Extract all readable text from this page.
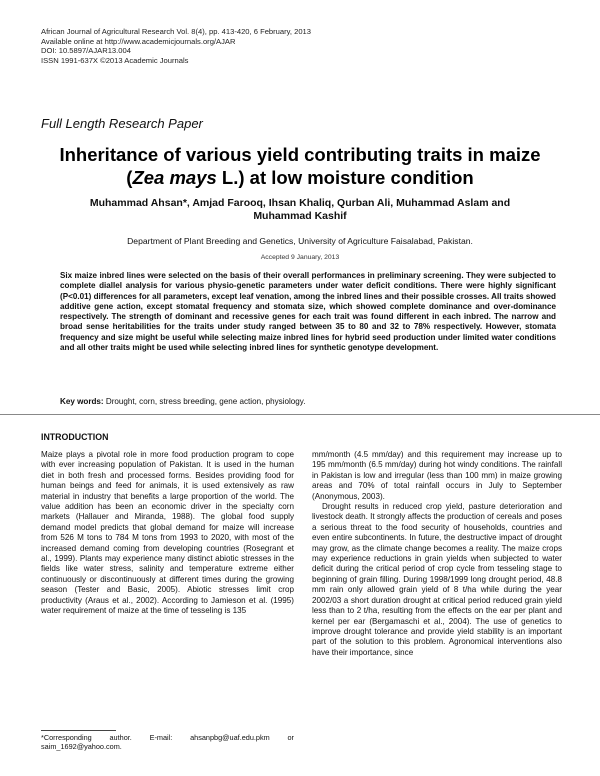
African Journal of Agricultural Research Vol. 8(4), pp. 413-420, 6 February, 2013
Available online at http://www.academicjournals.org/AJAR
DOI: 10.5897/AJAR13.004
ISSN 1991-637X ©2013 Academic Journals
Full Length Research Paper
Inheritance of various yield contributing traits in maize
(Zea mays L.) at low moisture condition
Muhammad Ahsan*, Amjad Farooq, Ihsan Khaliq, Qurban Ali, Muhammad Aslam and
Muhammad Kashif
Department of Plant Breeding and Genetics, University of Agriculture Faisalabad, Pakistan.
Accepted 9 January, 2013
Six maize inbred lines were selected on the basis of their overall performances in preliminary screening. They were subjected to complete diallel analysis for various physio-genetic parameters under water deficit conditions. There were highly significant (P<0.01) differences for all parameters, except leaf venation, among the inbred lines and their possible crosses. All traits showed additive gene action, except stomatal frequency and stomata size, which showed complete dominance and over-dominance respectively. The strength of dominant and recessive genes for each trait was found different in each inbred. The narrow and broad sense heritabilities for the traits under study ranged between 35 to 80 and 32 to 78% respectively. However, stomata frequency and size might be useful while selecting maize inbred lines for hybrid seed production under limited water conditions and all other traits might be used while selecting inbred lines for synthetic genotype development.
Key words: Drought, corn, stress breeding, gene action, physiology.
INTRODUCTION

Maize plays a pivotal role in more food production program to cope with ever increasing population of Pakistan. It is used in the human diet in both fresh and processed forms. Besides providing food for human beings and feed for animals, it is used extensively as raw material in industry that benefits a large proportion of the world. The value addition has been an economic driver in the specialty corn markets (Hallauer and Miranda, 1988). The global food supply demand model predicts that global demand for maize will increase from 526 M tons to 784 M tons from 1993 to 2020, with most of the increased demand coming from developing countries (Rosegrant et al., 1999). Plants may experience many distinct abiotic stresses in the fields like water stress, salinity and temperature extreme either continuously or discontinuously at different times during the growing season (Tester and Basic, 2005). Abiotic stresses limit crop productivity (Araus et al., 2002). According to Jamieson et al. (1995) water requirement of maize at the time of tesseling is 135

mm/month (4.5 mm/day) and this requirement may increase up to 195 mm/month (6.5 mm/day) during hot windy conditions. The rainfall in Pakistan is low and irregular (less than 100 mm) in maize growing areas and 70% of total rainfall occurs in July to September (Anonymous, 2003).

Drought results in reduced crop yield, pasture deterioration and livestock death. It strongly affects the production of cereals and poses a serious threat to the food security of households, countries and even entire subcontinents. In future, the destructive impact of drought may grow, as the climate change becomes a reality. The maize crops may experience reductions in grain yields when subjected to water deficit during the critical period of crop cycle from tesseling stage to beginning of grain filling. During 1998/1999 long drought period, 48.8 mm rain only allowed grain yield of 8 t/ha while during the year 2002/03 a short duration drought at critical period reduced grain yield less than to 2 t/ha, resulting from the effects on the ear per plant and kernel per ear (Bergamaschi et al., 2004). The use of genetics to improve drought tolerance and provide yield stability is an important part of the solution to this problem. Agronomical interventions also have their importance, since

*Corresponding author. E-mail: ahsanpbg@uaf.edu.pkm or saim_1692@yahoo.com.
